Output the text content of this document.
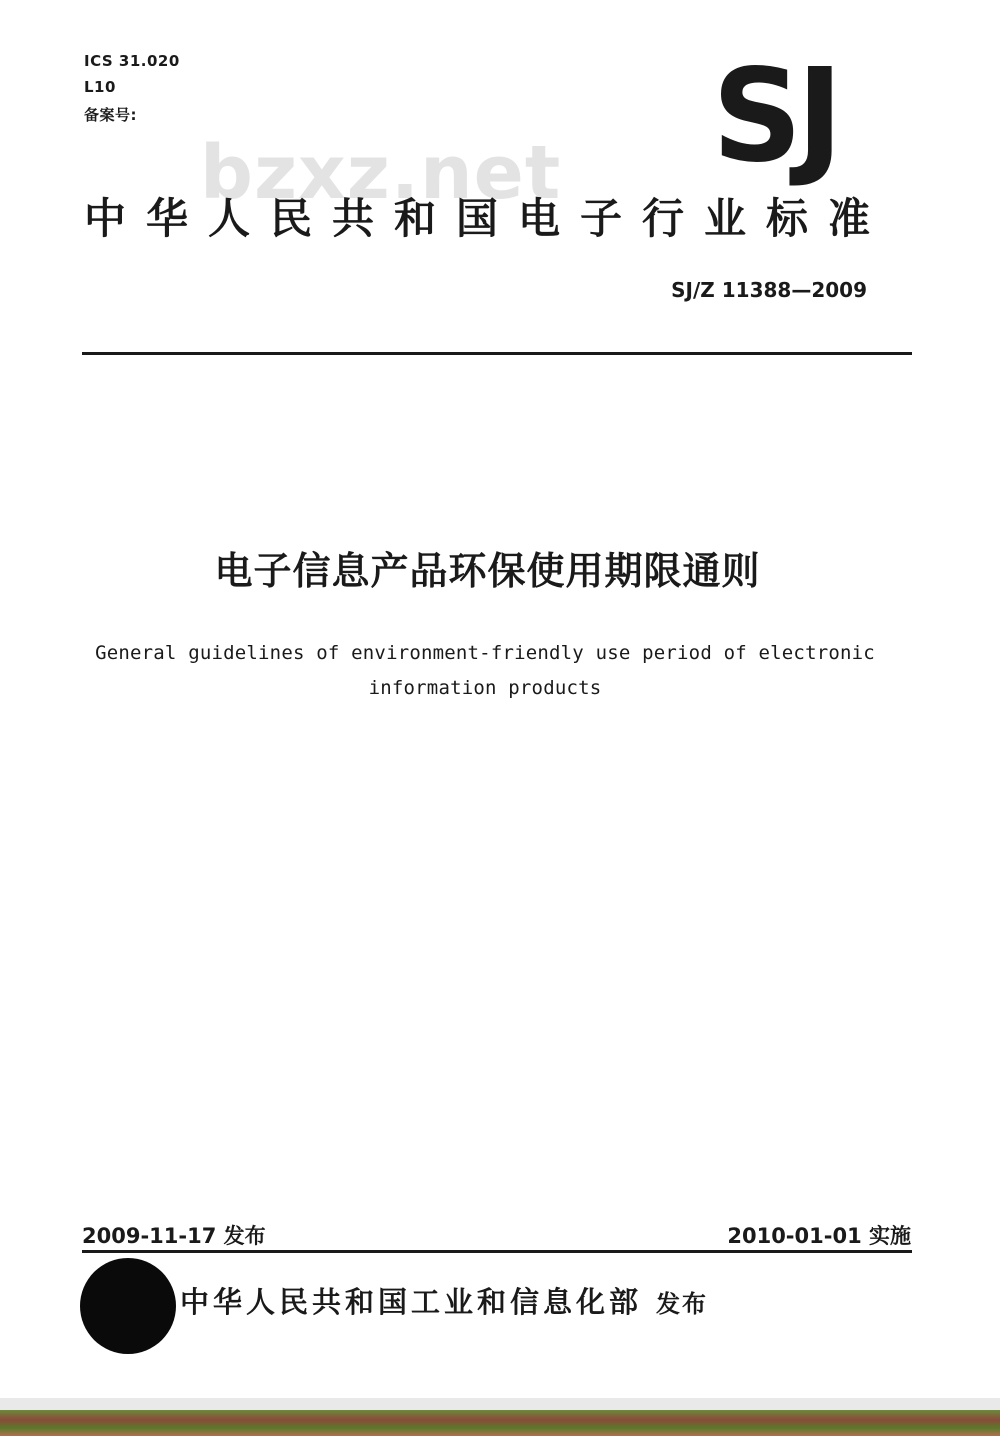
ICS 31.020
L10
备案号:	SJ
bzxz.net
中华人民共和国电子行业标准
SJ/Z 11388—2009
电子信息产品环保使用期限通则
General guidelines of environment-friendly use period of electronic
information products
2009-11-17 发布	2010-01-01 实施
中华人民共和国工业和信息化部 发布
